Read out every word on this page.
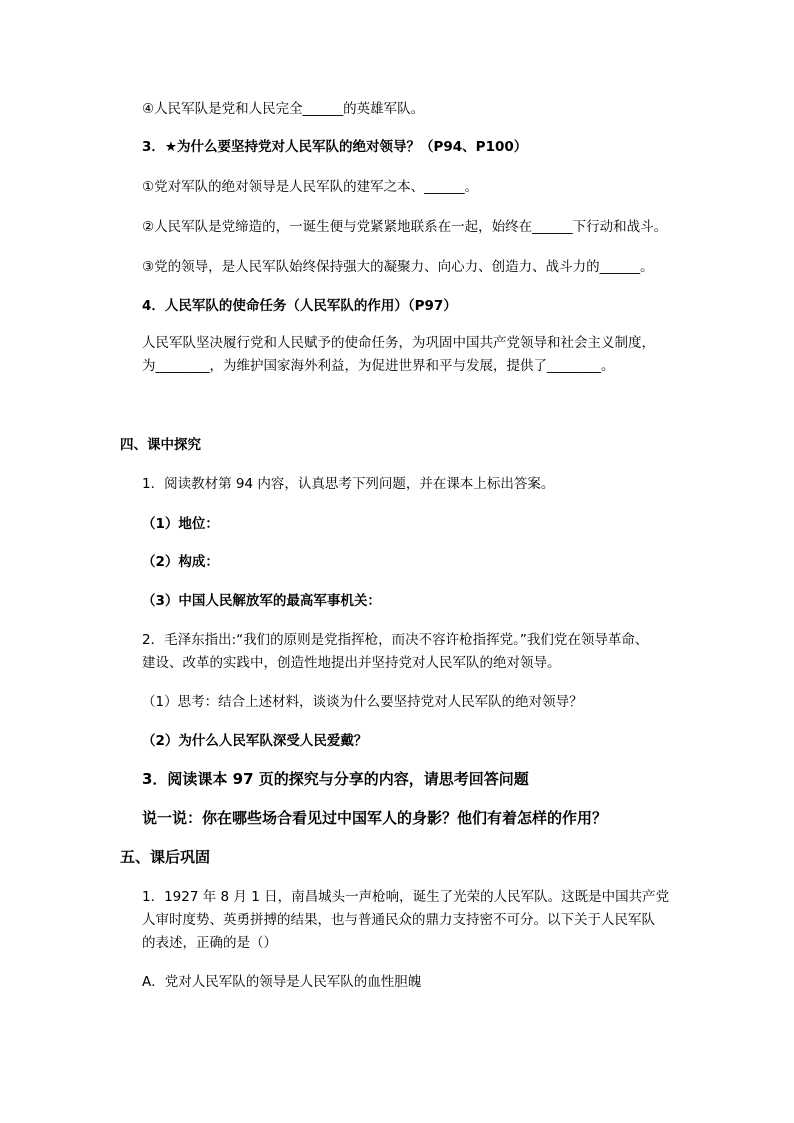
④人民军队是党和人民完全______的英雄军队。
3．★为什么要坚持党对人民军队的绝对领导？（P94、P100）
①党对军队的绝对领导是人民军队的建军之本、______。
②人民军队是党缔造的，一诞生便与党紧紧地联系在一起，始终在______下行动和战斗。
③党的领导，是人民军队始终保持强大的凝聚力、向心力、创造力、战斗力的______。
4．人民军队的使命任务（人民军队的作用）（P97）
人民军队坚决履行党和人民赋予的使命任务，为巩固中国共产党领导和社会主义制度，
为________，为维护国家海外利益，为促进世界和平与发展，提供了________。
四、课中探究
1．阅读教材第 94 内容，认真思考下列问题，并在课本上标出答案。
（1）地位：
（2）构成：
（3）中国人民解放军的最高军事机关：
2．毛泽东指出:“我们的原则是党指挥枪，而决不容许枪指挥党。”我们党在领导革命、
建设、改革的实践中，创造性地提出并坚持党对人民军队的绝对领导。
（1）思考：结合上述材料，谈谈为什么要坚持党对人民军队的绝对领导？
（2）为什么人民军队深受人民爱戴？
3．阅读课本 97 页的探究与分享的内容，请思考回答问题
说一说：你在哪些场合看见过中国军人的身影？他们有着怎样的作用？
五、课后巩固
1．1927 年 8 月 1 日，南昌城头一声枪响，诞生了光荣的人民军队。这既是中国共产党
人审时度势、英勇拼搏的结果，也与普通民众的鼎力支持密不可分。以下关于人民军队
的表述，正确的是（）
A．党对人民军队的领导是人民军队的血性胆魄
